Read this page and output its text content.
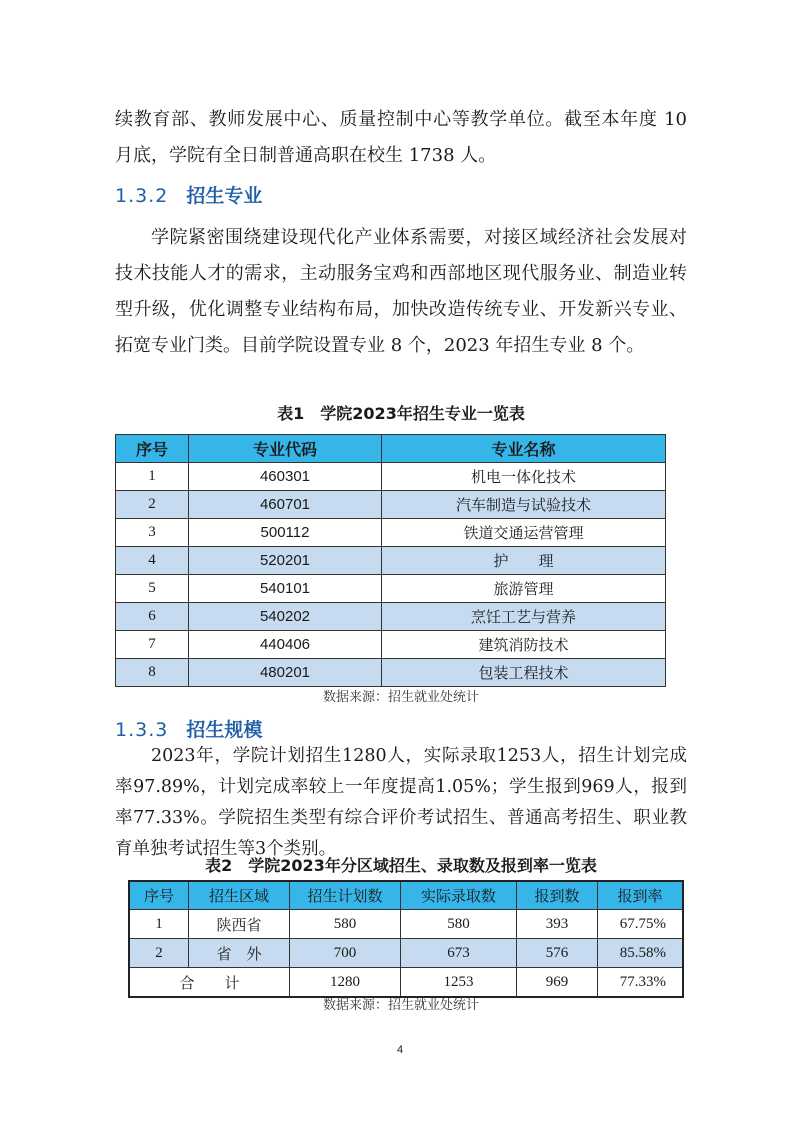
续教育部、教师发展中心、质量控制中心等教学单位。截至本年度 10 月底，学院有全日制普通高职在校生 1738 人。

1.3.2 招生专业

学院紧密围绕建设现代化产业体系需要，对接区域经济社会发展对技术技能人才的需求，主动服务宝鸡和西部地区现代服务业、制造业转型升级，优化调整专业结构布局，加快改造传统专业、开发新兴专业、拓宽专业门类。目前学院设置专业 8 个，2023 年招生专业 8 个。

表1　学院2023年招生专业一览表

序号	专业代码	专业名称
1	460301	机电一体化技术
2	460701	汽车制造与试验技术
3	500112	铁道交通运营管理
4	520201	护　　理
5	540101	旅游管理
6	540202	烹饪工艺与营养
7	440406	建筑消防技术
8	480201	包装工程技术

数据来源：招生就业处统计

1.3.3 招生规模

2023年，学院计划招生1280人，实际录取1253人，招生计划完成率97.89%，计划完成率较上一年度提高1.05%；学生报到969人，报到率77.33%。学院招生类型有综合评价考试招生、普通高考招生、职业教育单独考试招生等3个类别。

表2　学院2023年分区域招生、录取数及报到率一览表

序号	招生区域	招生计划数	实际录取数	报到数	报到率
1	陕西省	580	580	393	67.75%
2	省　外	700	673	576	85.58%
合　　计		1280	1253	969	77.33%

数据来源：招生就业处统计

4
